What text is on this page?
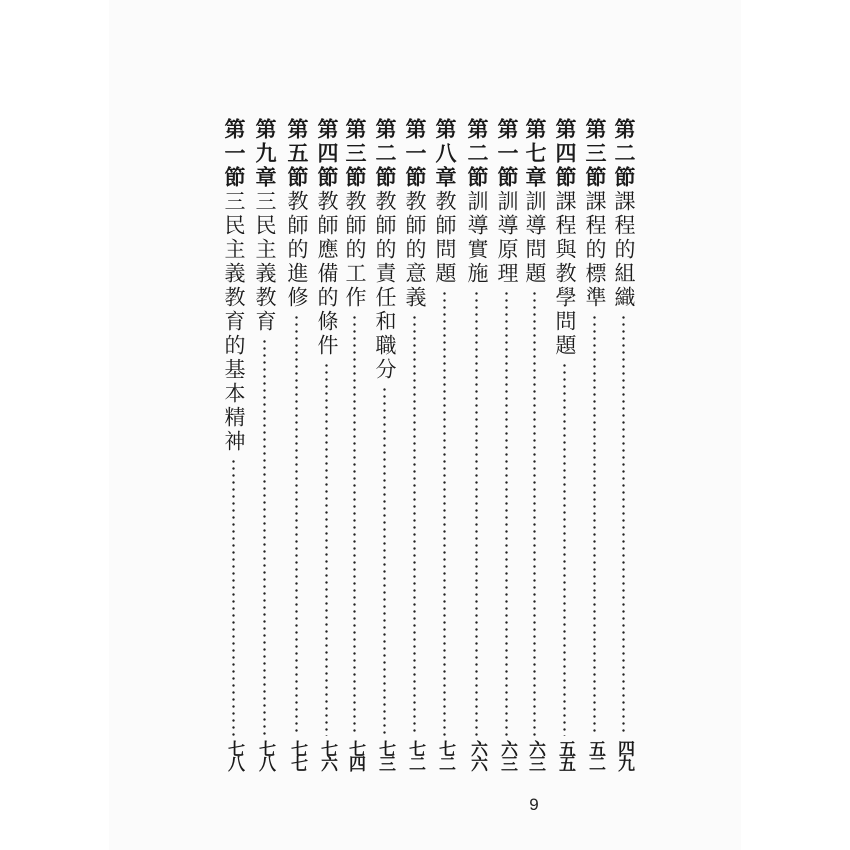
第二節
課程的組織
四九
第三節
課程的標準
五二
第四節
課程與教學問題
五五
第七章
訓導問題
六三
第一節
訓導原理
六三
第二節
訓導實施
六六
第八章
教師問題
七二
第一節
教師的意義
七二
第二節
教師的責任和職分
七三
第三節
教師的工作
七四
第四節
教師應備的條件
七六
第五節
教師的進修
七七
第九章
三民主義教育
七八
第一節
三民主義教育的基本精神
七八
9
